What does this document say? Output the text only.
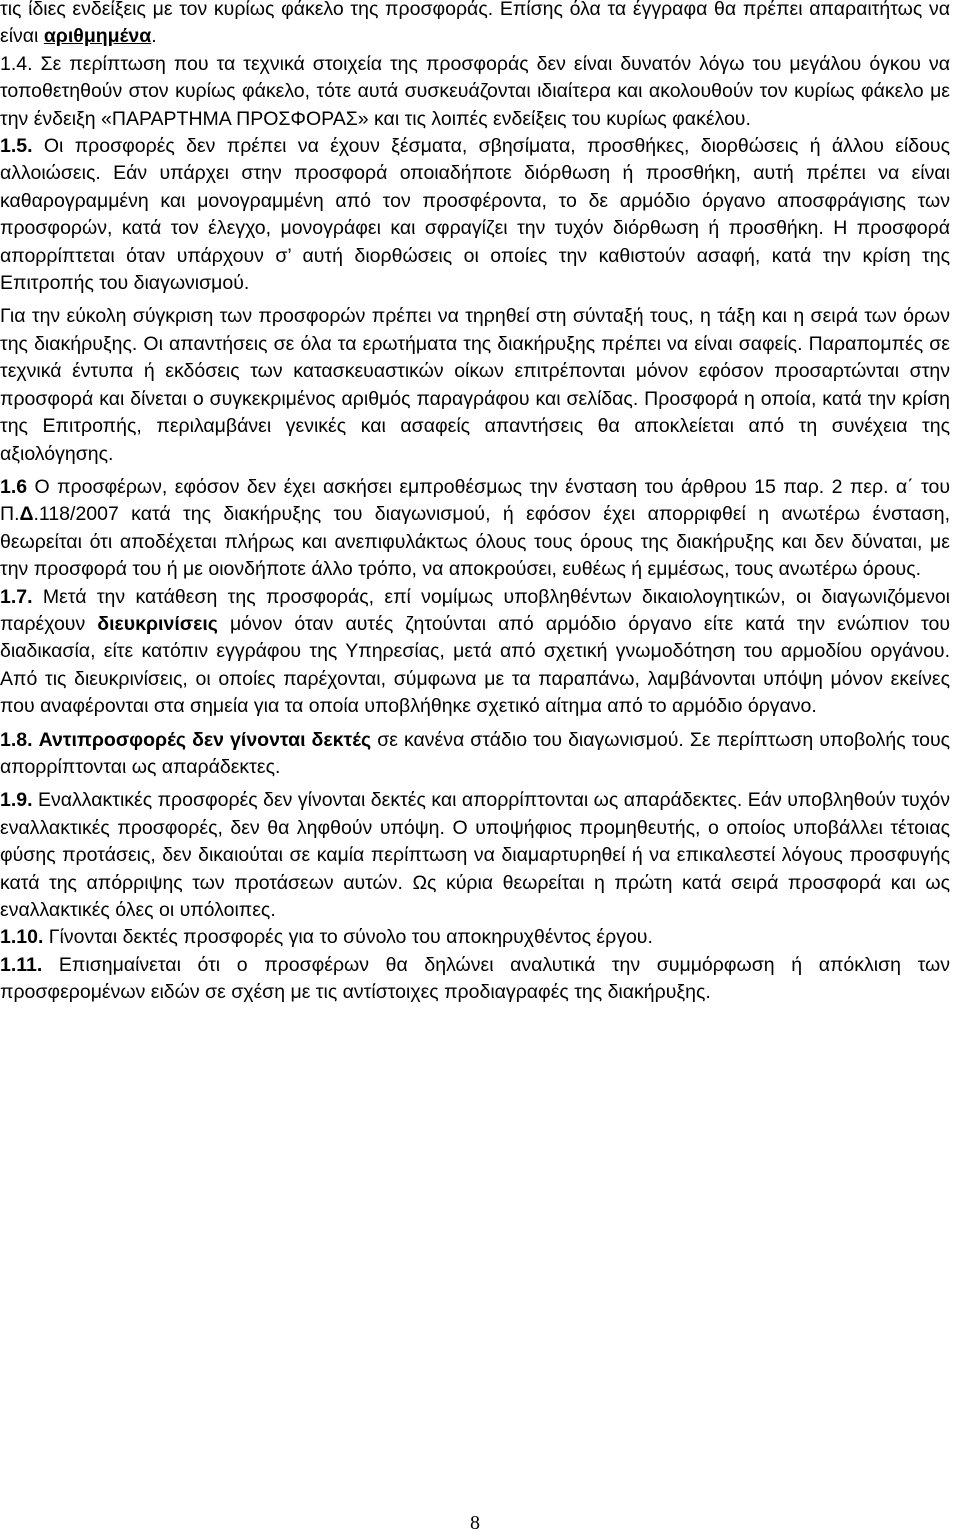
τις ίδιες ενδείξεις με τον κυρίως φάκελο της προσφοράς. Επίσης όλα τα έγγραφα θα πρέπει απαραιτήτως να είναι αριθμημένα.

1.4. Σε περίπτωση που τα τεχνικά στοιχεία της προσφοράς δεν είναι δυνατόν λόγω του μεγάλου όγκου να τοποθετηθούν στον κυρίως φάκελο, τότε αυτά συσκευάζονται ιδιαίτερα και ακολουθούν τον κυρίως φάκελο με την ένδειξη «ΠΑΡΑΡΤΗΜΑ ΠΡΟΣΦΟΡΑΣ» και τις λοιπές ενδείξεις του κυρίως φακέλου.

1.5. Οι προσφορές δεν πρέπει να έχουν ξέσματα, σβησίματα, προσθήκες, διορθώσεις ή άλλου είδους αλλοιώσεις. Εάν υπάρχει στην προσφορά οποιαδήποτε διόρθωση ή προσθήκη, αυτή πρέπει να είναι καθαρογραμμένη και μονογραμμένη από τον προσφέροντα, το δε αρμόδιο όργανο αποσφράγισης των προσφορών, κατά τον έλεγχο, μονογράφει και σφραγίζει την τυχόν διόρθωση ή προσθήκη. Η προσφορά απορρίπτεται όταν υπάρχουν σ’ αυτή διορθώσεις οι οποίες την καθιστούν ασαφή, κατά την κρίση της Επιτροπής του διαγωνισμού.

Για την εύκολη σύγκριση των προσφορών πρέπει να τηρηθεί στη σύνταξή τους, η τάξη και η σειρά των όρων της διακήρυξης. Οι απαντήσεις σε όλα τα ερωτήματα της διακήρυξης πρέπει να είναι σαφείς. Παραπομπές σε τεχνικά έντυπα ή εκδόσεις των κατασκευαστικών οίκων επιτρέπονται μόνον εφόσον προσαρτώνται στην προσφορά και δίνεται ο συγκεκριμένος αριθμός παραγράφου και σελίδας. Προσφορά η οποία, κατά την κρίση της Επιτροπής, περιλαμβάνει γενικές και ασαφείς απαντήσεις θα αποκλείεται από τη συνέχεια της αξιολόγησης.

1.6 Ο προσφέρων, εφόσον δεν έχει ασκήσει εμπροθέσμως την ένσταση του άρθρου 15 παρ. 2 περ. α΄ του Π.Δ.118/2007 κατά της διακήρυξης του διαγωνισμού, ή εφόσον έχει απορριφθεί η ανωτέρω ένσταση, θεωρείται ότι αποδέχεται πλήρως και ανεπιφυλάκτως όλους τους όρους της διακήρυξης και δεν δύναται, με την προσφορά του ή με οιονδήποτε άλλο τρόπο, να αποκρούσει, ευθέως ή εμμέσως, τους ανωτέρω όρους.

1.7. Μετά την κατάθεση της προσφοράς, επί νομίμως υποβληθέντων δικαιολογητικών, οι διαγωνιζόμενοι παρέχουν διευκρινίσεις μόνον όταν αυτές ζητούνται από αρμόδιο όργανο είτε κατά την ενώπιον του διαδικασία, είτε κατόπιν εγγράφου της Υπηρεσίας, μετά από σχετική γνωμοδότηση του αρμοδίου οργάνου. Από τις διευκρινίσεις, οι οποίες παρέχονται, σύμφωνα με τα παραπάνω, λαμβάνονται υπόψη μόνον εκείνες που αναφέρονται στα σημεία για τα οποία υποβλήθηκε σχετικό αίτημα από το αρμόδιο όργανο.

1.8. Αντιπροσφορές δεν γίνονται δεκτές σε κανένα στάδιο του διαγωνισμού. Σε περίπτωση υποβολής τους απορρίπτονται ως απαράδεκτες.

1.9. Εναλλακτικές προσφορές δεν γίνονται δεκτές και απορρίπτονται ως απαράδεκτες. Εάν υποβληθούν τυχόν εναλλακτικές προσφορές, δεν θα ληφθούν υπόψη. Ο υποψήφιος προμηθευτής, ο οποίος υποβάλλει τέτοιας φύσης προτάσεις, δεν δικαιούται σε καμία περίπτωση να διαμαρτυρηθεί ή να επικαλεστεί λόγους προσφυγής κατά της απόρριψης των προτάσεων αυτών. Ως κύρια θεωρείται η πρώτη κατά σειρά προσφορά και ως εναλλακτικές όλες οι υπόλοιπες.

1.10. Γίνονται δεκτές προσφορές για το σύνολο του αποκηρυχθέντος έργου.

1.11. Επισημαίνεται ότι ο προσφέρων θα δηλώνει αναλυτικά την συμμόρφωση ή απόκλιση των προσφερομένων ειδών σε σχέση με τις αντίστοιχες προδιαγραφές της διακήρυξης.

8
